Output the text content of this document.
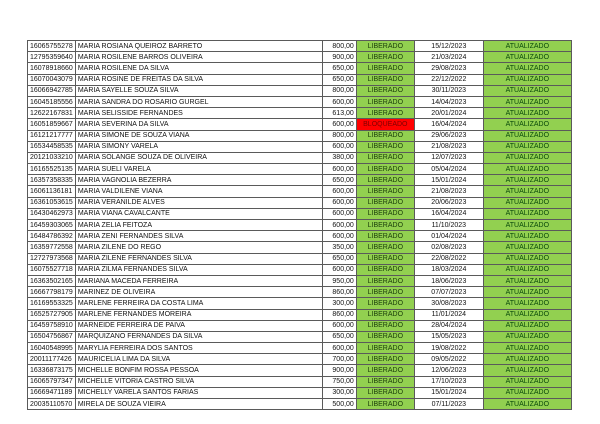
16065755278	MARIA ROSIANA QUEIROZ BARRETO	800,00	LIBERADO	15/12/2023	ATUALIZADO
12795359640	MARIA ROSILENE BARROS OLIVEIRA	900,00	LIBERADO	21/03/2024	ATUALIZADO
16078918660	MARIA ROSILENE DA SILVA	650,00	LIBERADO	29/08/2023	ATUALIZADO
16070043079	MARIA ROSINE DE FREITAS DA SILVA	650,00	LIBERADO	22/12/2022	ATUALIZADO
16066942785	MARIA SAYELLE SOUZA SILVA	800,00	LIBERADO	30/11/2023	ATUALIZADO
16045185556	MARIA SANDRA DO ROSARIO GURGEL	600,00	LIBERADO	14/04/2023	ATUALIZADO
12622167831	MARIA SELISSIDE FERNANDES	613,00	LIBERADO	20/01/2024	ATUALIZADO
16051859667	MARIA SEVERINA DA SILVA	600,00	BLOQUEADO	16/04/2024	ATUALIZADO
16121217777	MARIA SIMONE DE SOUZA VIANA	800,00	LIBERADO	29/06/2023	ATUALIZADO
16534458535	MARIA SIMONY VARELA	600,00	LIBERADO	21/08/2023	ATUALIZADO
20121033210	MARIA SOLANGE SOUZA DE OLIVEIRA	380,00	LIBERADO	12/07/2023	ATUALIZADO
16165525135	MARIA SUELI VARELA	600,00	LIBERADO	05/04/2024	ATUALIZADO
16357358335	MARIA VAGNOLIA BEZERRA	650,00	LIBERADO	15/01/2024	ATUALIZADO
16061136181	MARIA VALDILENE VIANA	600,00	LIBERADO	21/08/2023	ATUALIZADO
16361053615	MARIA VERANILDE ALVES	600,00	LIBERADO	20/06/2023	ATUALIZADO
16430462973	MARIA VIANA CAVALCANTE	600,00	LIBERADO	16/04/2024	ATUALIZADO
16459303065	MARIA ZELIA FEITOZA	600,00	LIBERADO	11/10/2023	ATUALIZADO
16484786392	MARIA ZENI FERNANDES SILVA	600,00	LIBERADO	01/04/2024	ATUALIZADO
16359772558	MARIA ZILENE DO REGO	350,00	LIBERADO	02/08/2023	ATUALIZADO
12727973568	MARIA ZILENE FERNANDES SILVA	650,00	LIBERADO	22/08/2022	ATUALIZADO
16075527718	MARIA ZILMA FERNANDES SILVA	600,00	LIBERADO	18/03/2024	ATUALIZADO
16363502165	MARIANA MACEDA FERREIRA	950,00	LIBERADO	18/06/2023	ATUALIZADO
16667798179	MARINEZ DE OLIVEIRA	860,00	LIBERADO	07/07/2023	ATUALIZADO
16169553325	MARLENE FERREIRA DA COSTA LIMA	300,00	LIBERADO	30/08/2023	ATUALIZADO
16525727905	MARLENE FERNANDES MOREIRA	860,00	LIBERADO	11/01/2024	ATUALIZADO
16459758910	MARNEIDE FERREIRA DE PAIVA	600,00	LIBERADO	28/04/2024	ATUALIZADO
16504756867	MARQUIZANO FERNANDES DA SILVA	650,00	LIBERADO	15/05/2023	ATUALIZADO
16040548995	MARYLIA FERREIRA DOS SANTOS	600,00	LIBERADO	19/08/2022	ATUALIZADO
20011177426	MAURICELIA LIMA DA SILVA	700,00	LIBERADO	09/05/2022	ATUALIZADO
16336873175	MICHELLE BONFIM ROSSA PESSOA	900,00	LIBERADO	12/06/2023	ATUALIZADO
16065797347	MICHELLE VITORIA CASTRO SILVA	750,00	LIBERADO	17/10/2023	ATUALIZADO
16669471189	MICHELLY VARELA SANTOS FARIAS	300,00	LIBERADO	15/01/2024	ATUALIZADO
20035110570	MIRELA DE SOUZA VIEIRA	500,00	LIBERADO	07/11/2023	ATUALIZADO
